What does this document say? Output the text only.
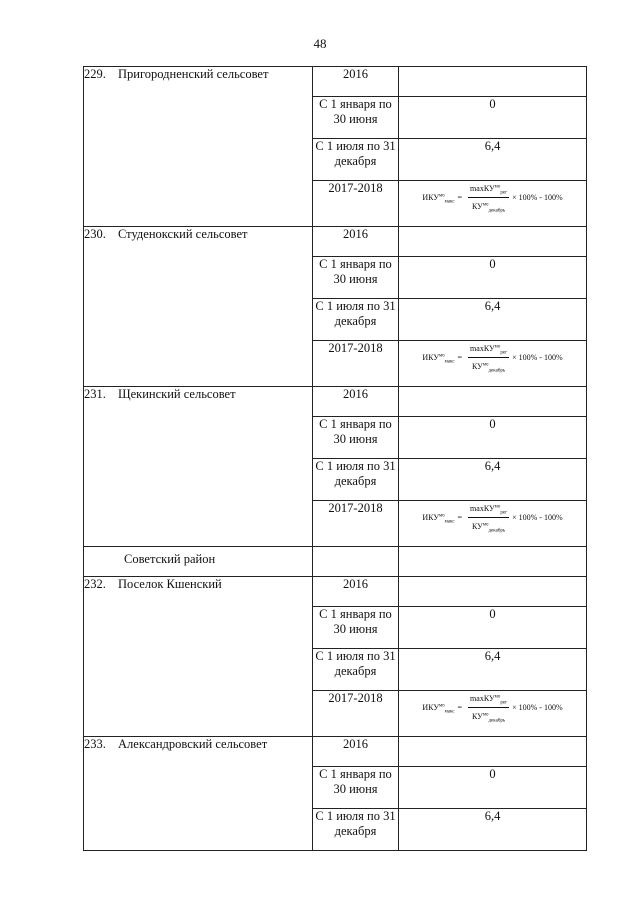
48
229. Пригородненский сельсовет	2016	
	С 1 января по 30 июня	0
	С 1 июля по 31 декабря	6,4
	2017-2018	$ИКУ^{мо}_{макс}$
= $\frac{\max КУ^{мо}_{рег}}{КУ^{мо}_{декабрь}} \times 100\% - 100\%$

230. Студенокский сельсовет	2016	
	С 1 января по 30 июня	0
	С 1 июля по 31 декабря	6,4
	2017-2018	$ИКУ^{мо}_{макс}$
= $\frac{\max КУ^{мо}_{рег}}{КУ^{мо}_{декабрь}} \times 100\% - 100\%$

231. Щекинский сельсовет	2016	
	С 1 января по 30 июня	0
	С 1 июля по 31 декабря	6,4
	2017-2018	$ИКУ^{мо}_{макс}$
= $\frac{\max КУ^{мо}_{рег}}{КУ^{мо}_{декабрь}} \times 100\% - 100\%$

Советский район		
232. Поселок Кшенский	2016	
	С 1 января по 30 июня	0
	С 1 июля по 31 декабря	6,4
	2017-2018	$ИКУ^{мо}_{макс}$
= $\frac{\max КУ^{мо}_{рег}}{КУ^{мо}_{декабрь}} \times 100\% - 100\%$

233. Александровский сельсовет	2016	
	С 1 января по 30 июня	0
	С 1 июля по 31 декабря	6,4
